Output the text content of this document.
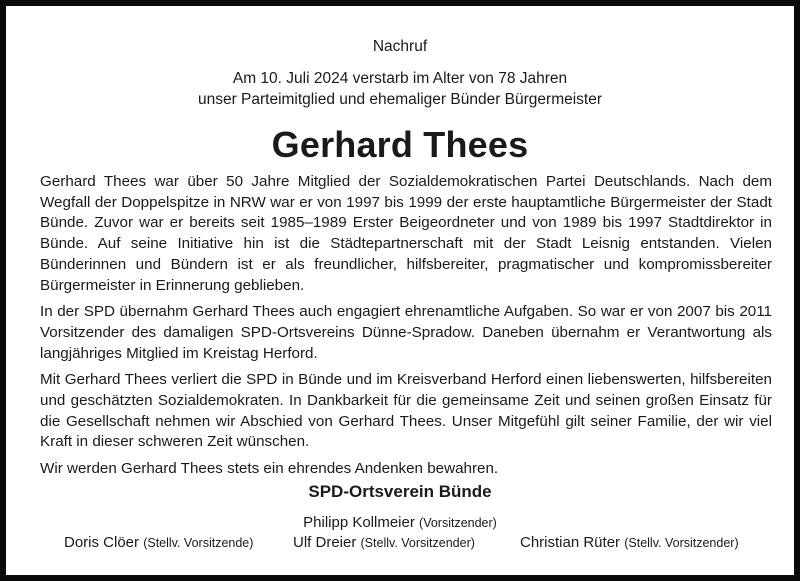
Nachruf
Am 10. Juli 2024 verstarb im Alter von 78 Jahren
unser Parteimitglied und ehemaliger Bünder Bürgermeister
Gerhard Thees

Gerhard Thees war über 50 Jahre Mitglied der Sozialdemokratischen Partei Deutschlands. Nach dem Wegfall der Doppelspitze in NRW war er von 1997 bis 1999 der erste hauptamtliche Bürgermeister der Stadt Bünde. Zuvor war er bereits seit 1985–1989 Erster Beigeordneter und von 1989 bis 1997 Stadtdirektor in Bünde. Auf seine Initiative hin ist die Städtepartnerschaft mit der Stadt Leisnig entstanden. Vielen Bünderinnen und Bündern ist er als freundlicher, hilfsbereiter, pragmatischer und kompromissbereiter Bürgermeister in Erinnerung geblieben.

In der SPD übernahm Gerhard Thees auch engagiert ehrenamtliche Aufgaben. So war er von 2007 bis 2011 Vorsitzender des damaligen SPD-Ortsvereins Dünne-Spradow. Daneben übernahm er Verantwortung als langjähriges Mitglied im Kreistag Herford.

Mit Gerhard Thees verliert die SPD in Bünde und im Kreisverband Herford einen liebenswerten, hilfsbereiten und geschätzten Sozialdemokraten. In Dankbarkeit für die gemeinsame Zeit und seinen großen Einsatz für die Gesellschaft nehmen wir Abschied von Gerhard Thees. Unser Mitgefühl gilt seiner Familie, der wir viel Kraft in dieser schweren Zeit wünschen.

Wir werden Gerhard Thees stets ein ehrendes Andenken bewahren.

SPD-Ortsverein Bünde
Philipp Kollmeier (Vorsitzender)
Doris Clöer (Stellv. Vorsitzende)	Ulf Dreier (Stellv. Vorsitzender)	Christian Rüter (Stellv. Vorsitzender)
